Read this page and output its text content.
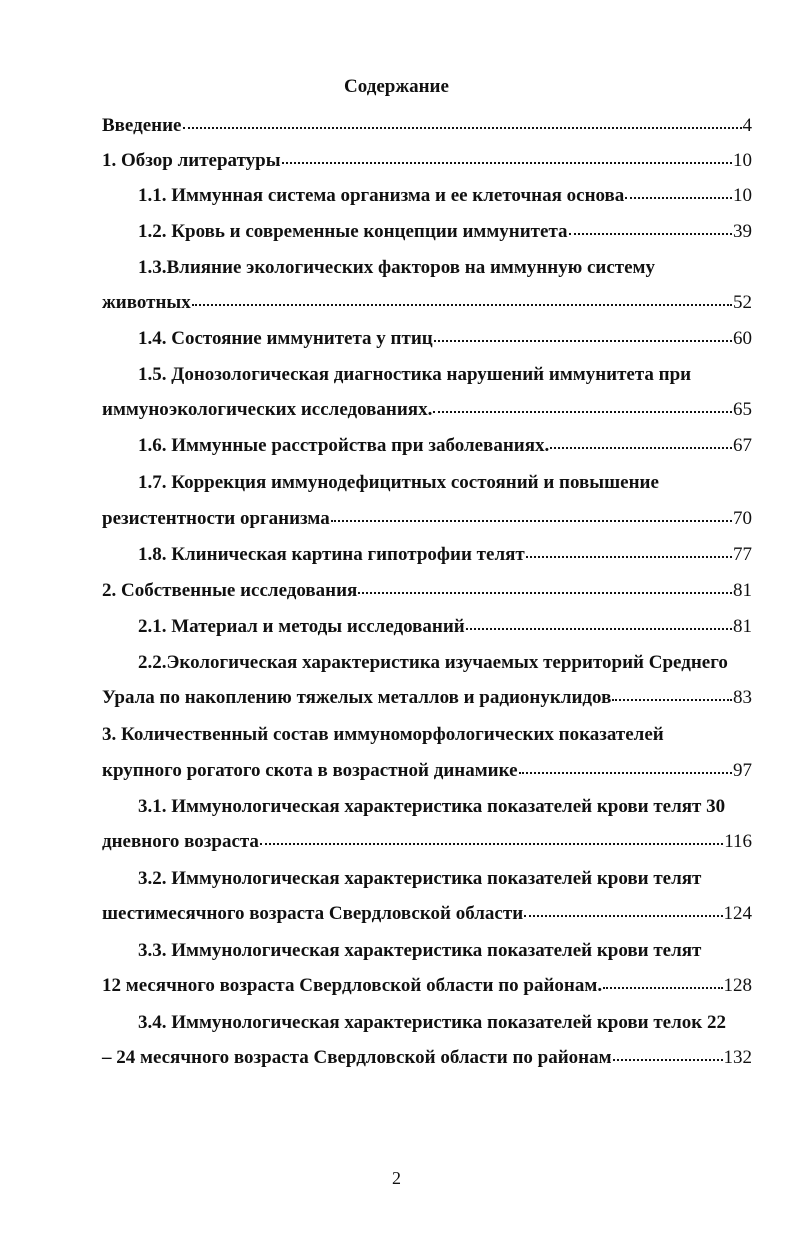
Содержание
Введение	4
1. Обзор литературы	10
1.1. Иммунная система организма и ее клеточная основа	10
1.2. Кровь и современные концепции иммунитета	39
1.3.Влияние экологических факторов на иммунную систему
животных	52
1.4. Состояние иммунитета у птиц	60
1.5. Донозологическая диагностика нарушений иммунитета при
иммуноэкологических исследованиях.	65
1.6. Иммунные расстройства при заболеваниях.	67
1.7. Коррекция иммунодефицитных состояний и повышение
резистентности организма	70
1.8. Клиническая картина гипотрофии телят	77
2. Собственные исследования	81
2.1. Материал и методы исследований	81
2.2.Экологическая характеристика изучаемых территорий Среднего
Урала по накоплению тяжелых металлов и радионуклидов	83
3. Количественный состав иммуноморфологических показателей
крупного рогатого скота в возрастной динамике	97
3.1. Иммунологическая характеристика показателей крови телят 30
дневного возраста	116
3.2. Иммунологическая характеристика показателей крови телят
шестимесячного возраста Свердловской области	124
3.3. Иммунологическая характеристика показателей крови телят
12 месячного возраста Свердловской области по районам.	128
3.4. Иммунологическая характеристика показателей крови телок 22
– 24 месячного возраста Свердловской области по районам	132
2
